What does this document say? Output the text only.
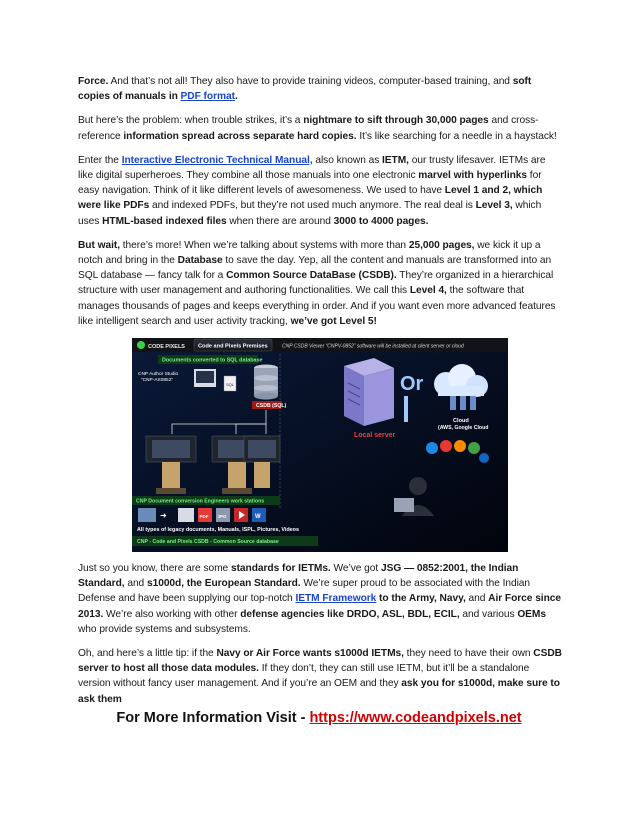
Force. And that’s not all! They also have to provide training videos, computer-based training, and soft copies of manuals in PDF format.

But here’s the problem: when trouble strikes, it’s a nightmare to sift through 30,000 pages and cross-reference information spread across separate hard copies. It’s like searching for a needle in a haystack!

Enter the Interactive Electronic Technical Manual, also known as IETM, our trusty lifesaver. IETMs are like digital superheroes. They combine all those manuals into one electronic marvel with hyperlinks for easy navigation. Think of it like different levels of awesomeness. We used to have Level 1 and 2, which were like PDFs and indexed PDFs, but they’re not used much anymore. The real deal is Level 3, which uses HTML-based indexed files when there are around 3000 to 4000 pages.

But wait, there’s more! When we’re talking about systems with more than 25,000 pages, we kick it up a notch and bring in the Database to save the day. Yep, all the content and manuals are transformed into an SQL database — fancy talk for a Common Source DataBase (CSDB). They’re organized in a hierarchical structure with user management and authoring functionalities. We call this Level 4, the software that manages thousands of pages and keeps everything in order. And if you want even more advanced features like intelligent search and user activity tracking, we’ve got Level 5!

CODE PIXELS Code and Pixels Premises	CNP CSDB Viewer “CNPV-0852” software will be installed at client server or cloud
Documents converted to SQL database
CNP Author Studio
“CNP-AS0852”
SQL
CSDB (SQL)
Local server
Or
Cloud
(AWS, Google Cloud
CNP Document conversion Engineers work stations
➜	PDF JPG	W
All types of legacy documents, Manuals, ISPL, Pictures, Videos
CNP - Code and Pixels CSDB - Common Source database

Just so you know, there are some standards for IETMs. We’ve got JSG — 0852:2001, the Indian Standard, and s1000d, the European Standard. We’re super proud to be associated with the Indian Defense and have been supplying our top-notch IETM Framework to the Army, Navy, and Air Force since 2013. We’re also working with other defense agencies like DRDO, ASL, BDL, ECIL, and various OEMs who provide systems and subsystems.

Oh, and here’s a little tip: if the Navy or Air Force wants s1000d IETMs, they need to have their own CSDB server to host all those data modules. If they don’t, they can still use IETM, but it’ll be a standalone version without fancy user management. And if you’re an OEM and they ask you for s1000d, make sure to ask them

For More Information Visit - https://www.codeandpixels.net
